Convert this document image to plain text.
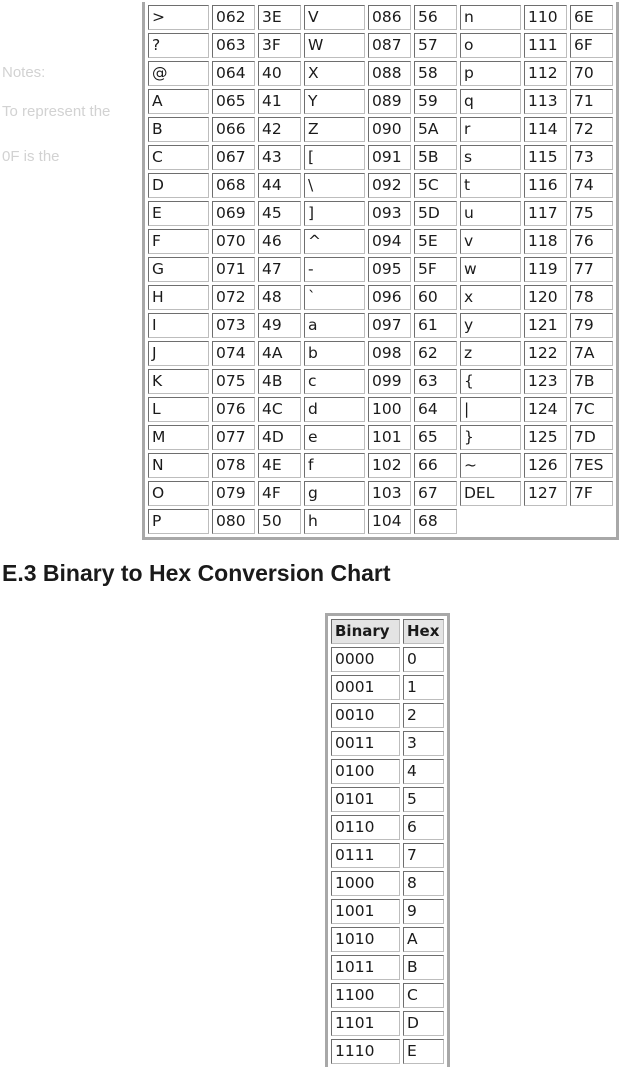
Notes:
To represent the
0F is the
>	062	3E	V	086	56	n	110	6E
?	063	3F	W	087	57	o	111	6F
@	064	40	X	088	58	p	112	70
A	065	41	Y	089	59	q	113	71
B	066	42	Z	090	5A	r	114	72
C	067	43	[	091	5B	s	115	73
D	068	44	\	092	5C	t	116	74
E	069	45	]	093	5D	u	117	75
F	070	46	^	094	5E	v	118	76
G	071	47	-	095	5F	w	119	77
H	072	48	`	096	60	x	120	78
I	073	49	a	097	61	y	121	79
J	074	4A	b	098	62	z	122	7A
K	075	4B	c	099	63	{	123	7B
L	076	4C	d	100	64	|	124	7C
M	077	4D	e	101	65	}	125	7D
N	078	4E	f	102	66	~	126	7ES
O	079	4F	g	103	67	DEL	127	7F
P	080	50	h	104	68			
E.3 Binary to Hex Conversion Chart
Binary	Hex
0000	0
0001	1
0010	2
0011	3
0100	4
0101	5
0110	6
0111	7
1000	8
1001	9
1010	A
1011	B
1100	C
1101	D
1110	E
